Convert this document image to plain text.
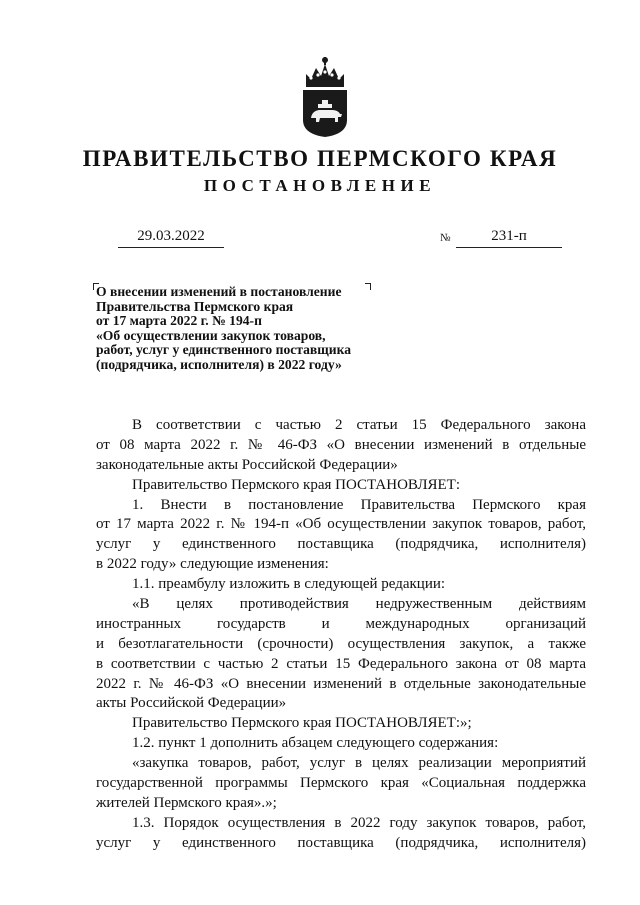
ПРАВИТЕЛЬСТВО ПЕРМСКОГО КРАЯ
ПОСТАНОВЛЕНИЕ
29.03.2022	№	231-п
О внесении изменений в постановление
Правительства Пермского края
от 17 марта 2022 г. № 194-п
«Об осуществлении закупок товаров,
работ, услуг у единственного поставщика
(подрядчика, исполнителя) в 2022 году»
В соответствии с частью 2 статьи 15 Федерального закона
от 08 марта 2022 г. № 46-ФЗ «О внесении изменений в отдельные
законодательные акты Российской Федерации»
Правительство Пермского края ПОСТАНОВЛЯЕТ:
1. Внести в постановление Правительства Пермского края
от 17 марта 2022 г. № 194-п «Об осуществлении закупок товаров, работ,
услуг у единственного поставщика (подрядчика, исполнителя)
в 2022 году» следующие изменения:
1.1. преамбулу изложить в следующей редакции:
«В целях противодействия недружественным действиям
иностранных государств и международных организаций
и безотлагательности (срочности) осуществления закупок, а также
в соответствии с частью 2 статьи 15 Федерального закона от 08 марта
2022 г. № 46-ФЗ «О внесении изменений в отдельные законодательные
акты Российской Федерации»
Правительство Пермского края ПОСТАНОВЛЯЕТ:»;
1.2. пункт 1 дополнить абзацем следующего содержания:
«закупка товаров, работ, услуг в целях реализации мероприятий
государственной программы Пермского края «Социальная поддержка
жителей Пермского края».»;
1.3. Порядок осуществления в 2022 году закупок товаров, работ,
услуг у единственного поставщика (подрядчика, исполнителя)
